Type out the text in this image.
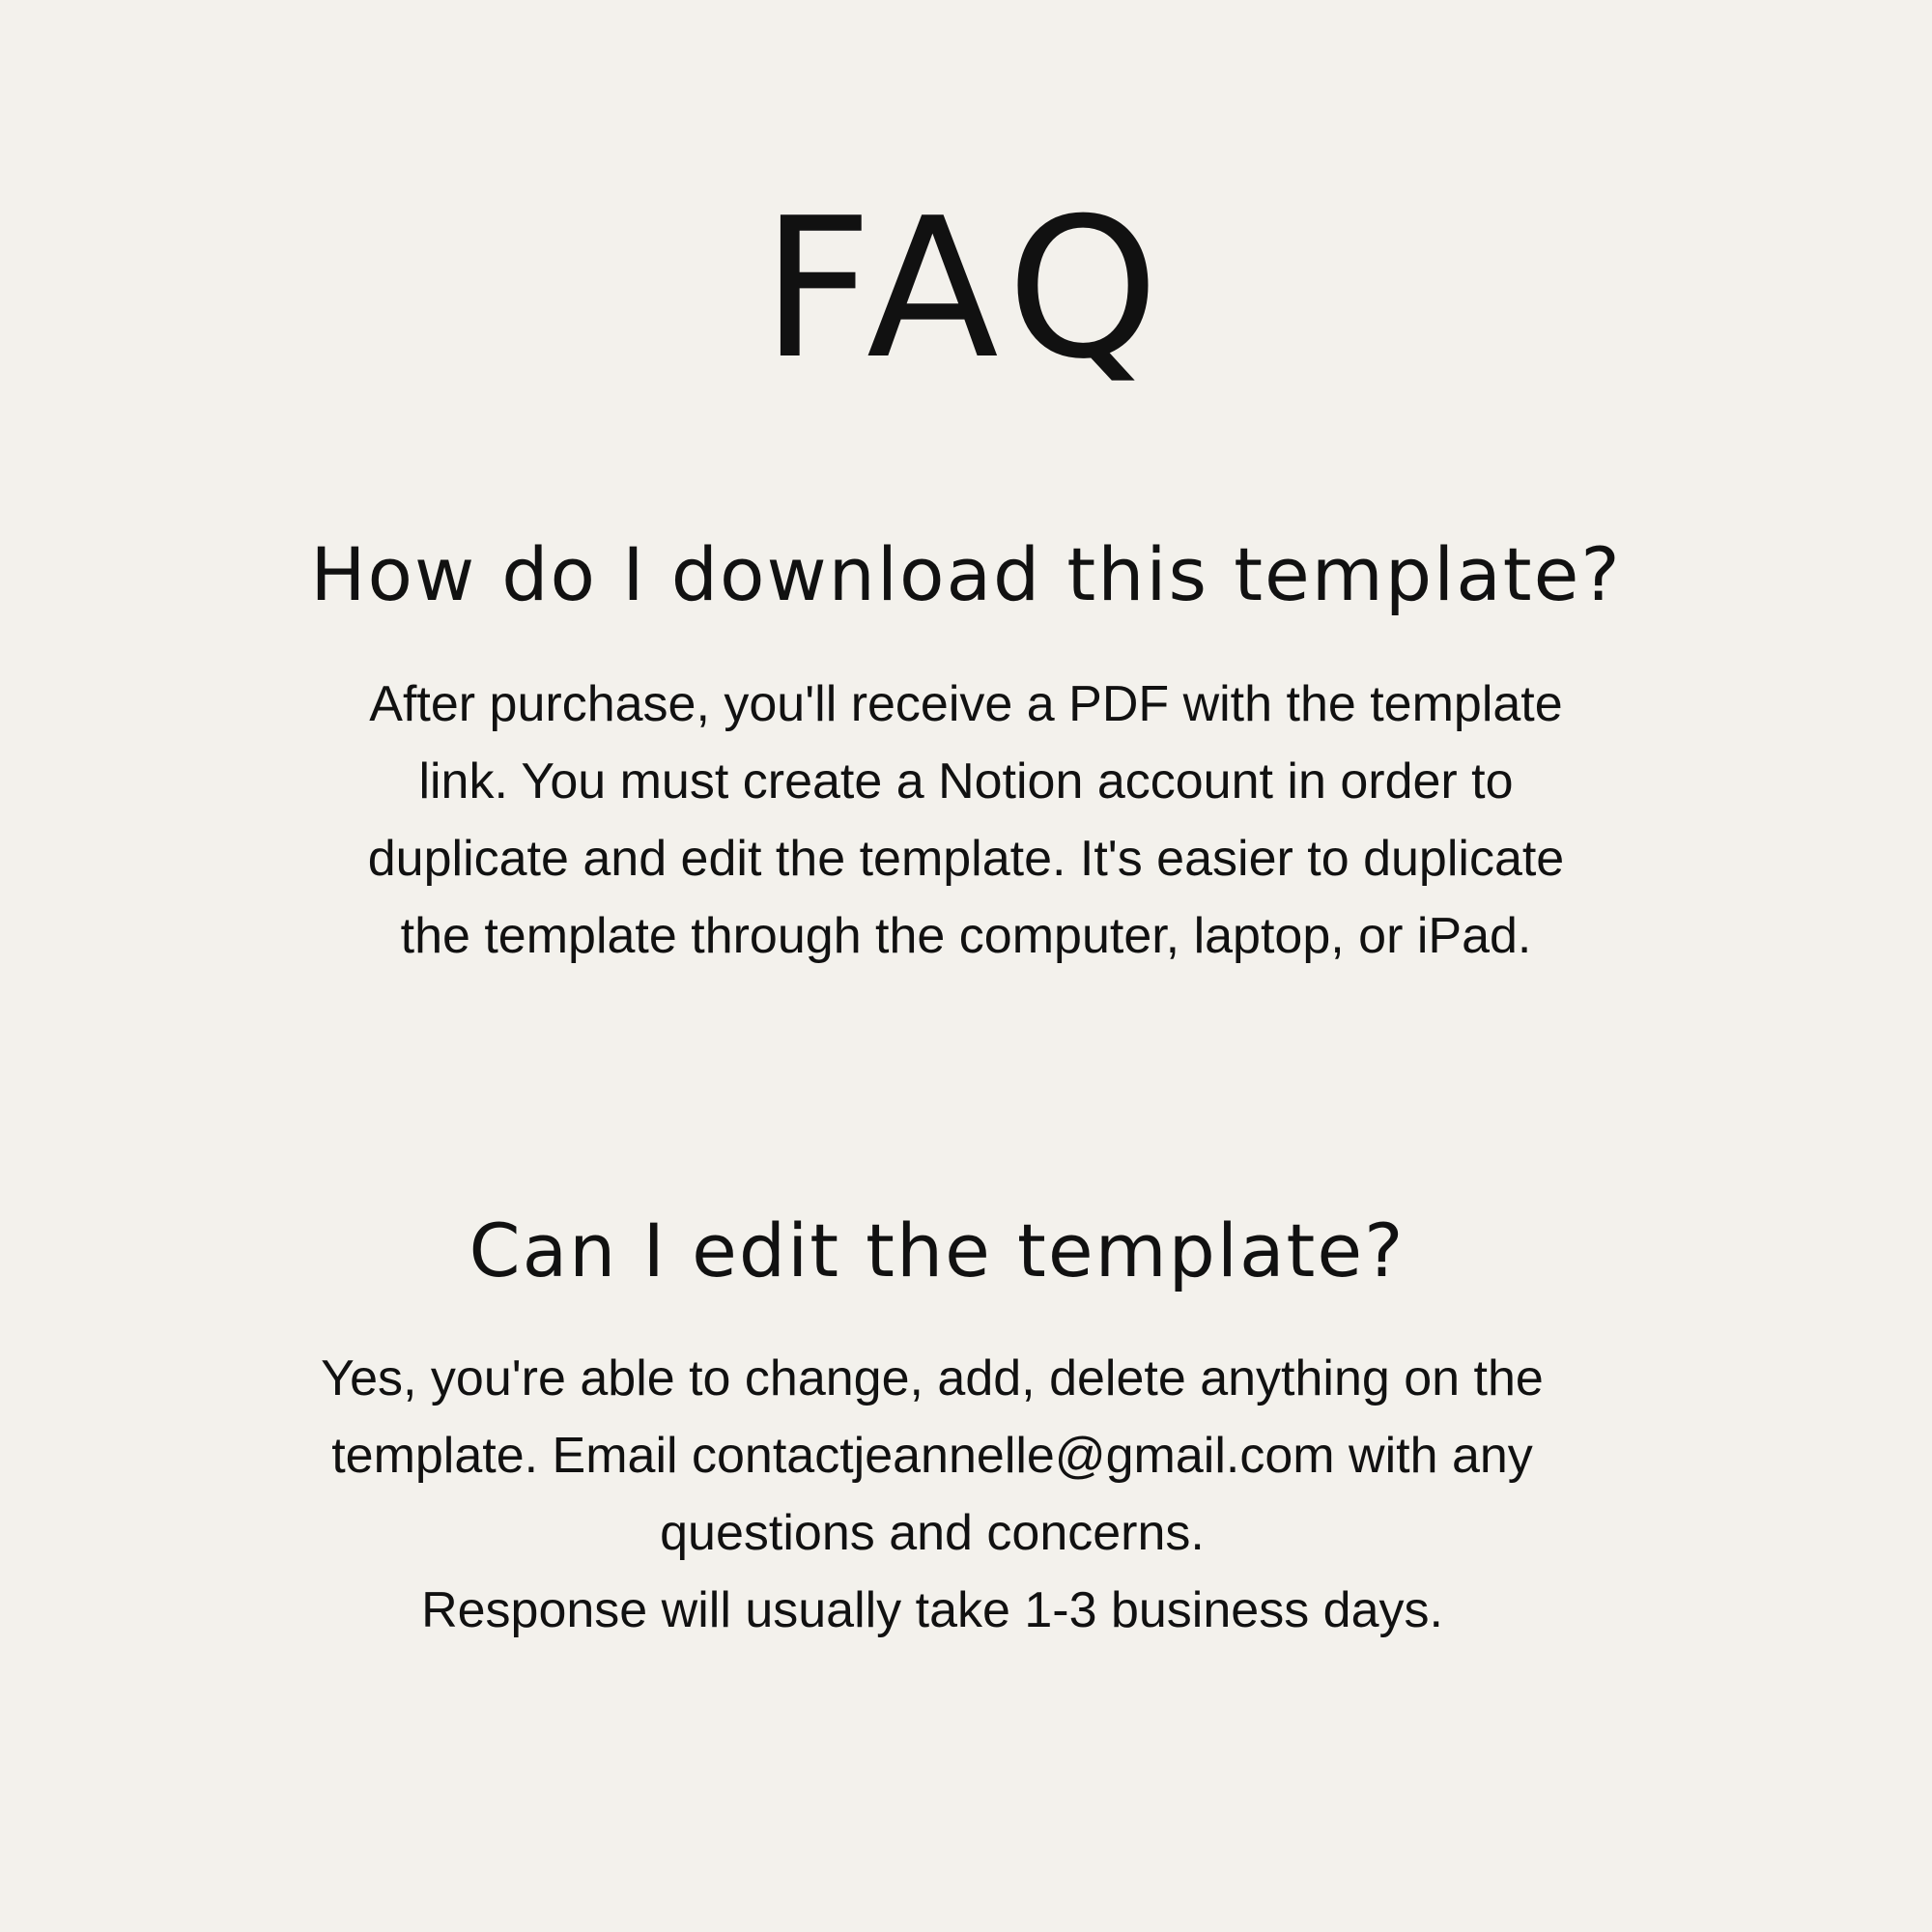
FAQ
How do I download this template?

After purchase, you'll receive a PDF with the template
link. You must create a Notion account in order to
duplicate and edit the template. It's easier to duplicate
the template through the computer, laptop, or iPad.

Can I edit the template?

Yes, you're able to change, add, delete anything on the
template. Email contactjeannelle@gmail.com with any
questions and concerns.
Response will usually take 1-3 business days.
